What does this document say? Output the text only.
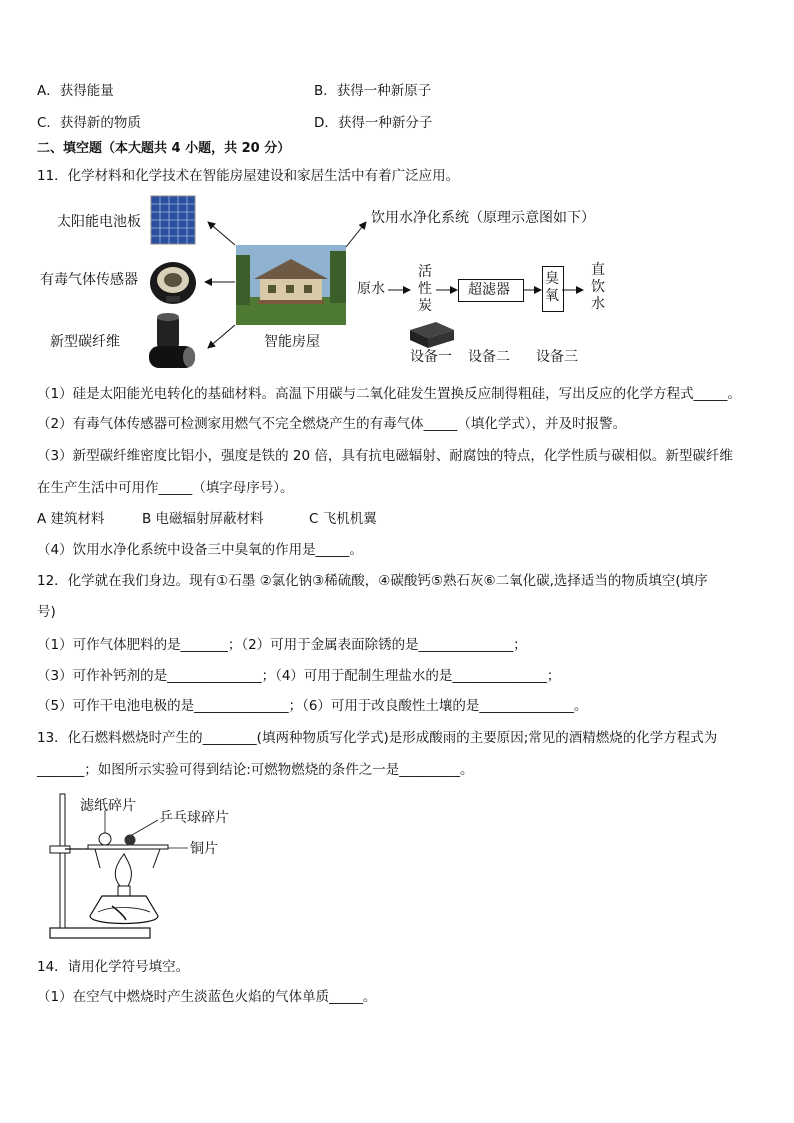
A．获得能量	B．获得一种新原子
C．获得新的物质	D．获得一种新分子
二、填空题（本大题共 4 小题，共 20 分）
11．化学材料和化学技术在智能房屋建设和家居生活中有着广泛应用。
太阳能电池板
有毒气体传感器
新型碳纤维	智能房屋
饮用水净化系统（原理示意图如下）
原水
活性炭
超滤器
臭氧
直饮水
设备一 设备二 设备三
（1）硅是太阳能光电转化的基础材料。高温下用碳与二氧化硅发生置换反应制得粗硅，写出反应的化学方程式_____。
（2）有毒气体传感器可检测家用燃气不完全燃烧产生的有毒气体_____（填化学式），并及时报警。
（3）新型碳纤维密度比铝小，强度是铁的 20 倍，具有抗电磁辐射、耐腐蚀的特点，化学性质与碳相似。新型碳纤维
在生产生活中可用作_____（填字母序号）。
A 建筑材料	B 电磁辐射屏蔽材料	C 飞机机翼
（4）饮用水净化系统中设备三中臭氧的作用是_____。
12．化学就在我们身边。现有①石墨 ②氯化钠③稀硫酸，④碳酸钙⑤熟石灰⑥二氧化碳,选择适当的物质填空(填序
号)
（1）可作气体肥料的是_______；（2）可用于金属表面除锈的是______________；
（3）可作补钙剂的是______________；（4）可用于配制生理盐水的是______________；
（5）可作干电池电极的是______________；（6）可用于改良酸性土壤的是______________。
13．化石燃料燃烧时产生的________(填两种物质写化学式)是形成酸雨的主要原因;常见的酒精燃烧的化学方程式为
_______；如图所示实验可得到结论:可燃物燃烧的条件之一是_________。
滤纸碎片
乒乓球碎片
铜片
14．请用化学符号填空。
（1）在空气中燃烧时产生淡蓝色火焰的气体单质_____。
